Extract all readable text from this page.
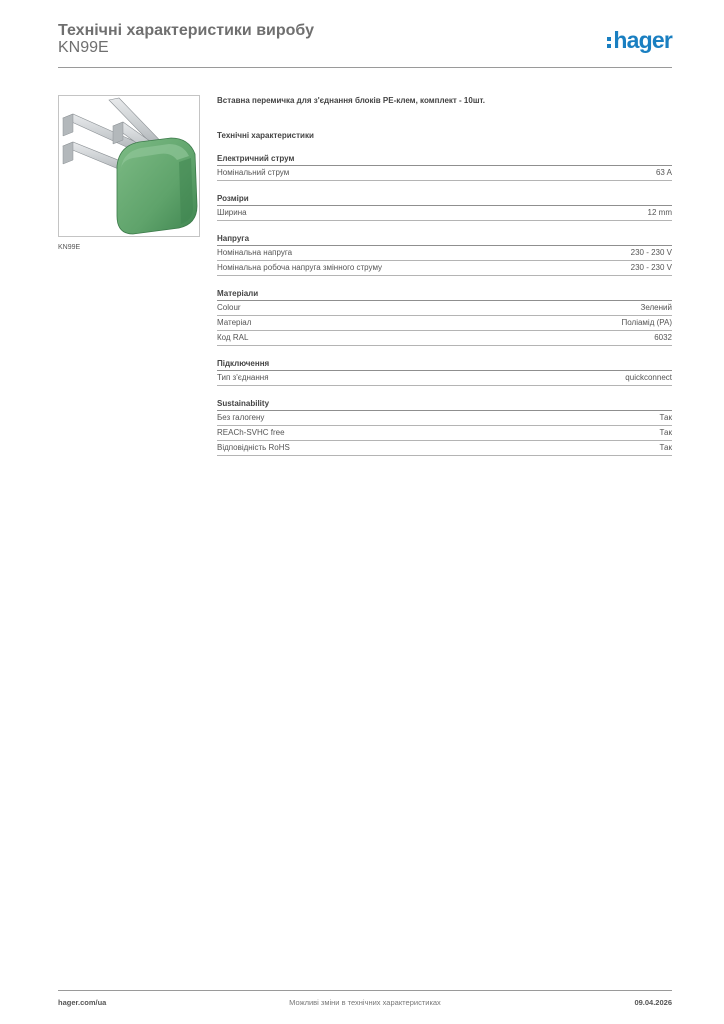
Технічні характеристики виробу
KN99E	hager
KN99E
Вставна перемичка для з'єднання блоків PE-клем, комплект - 10шт.
Технічні характеристики
Електричний струм
Номінальний струм	63 A
Розміри
Ширина	12 mm
Напруга
Номінальна напруга	230 - 230 V
Номінальна робоча напруга змінного струму	230 - 230 V
Матеріали
Colour	Зелений
Матеріал	Поліамід (PA)
Код RAL	6032
Підключення
Тип з'єднання	quickconnect
Sustainability
Без галогену	Так
REACh-SVHC free	Так
Відповідність RoHS	Так
hager.com/ua	Можливі зміни в технічних характеристиках	09.04.2026
